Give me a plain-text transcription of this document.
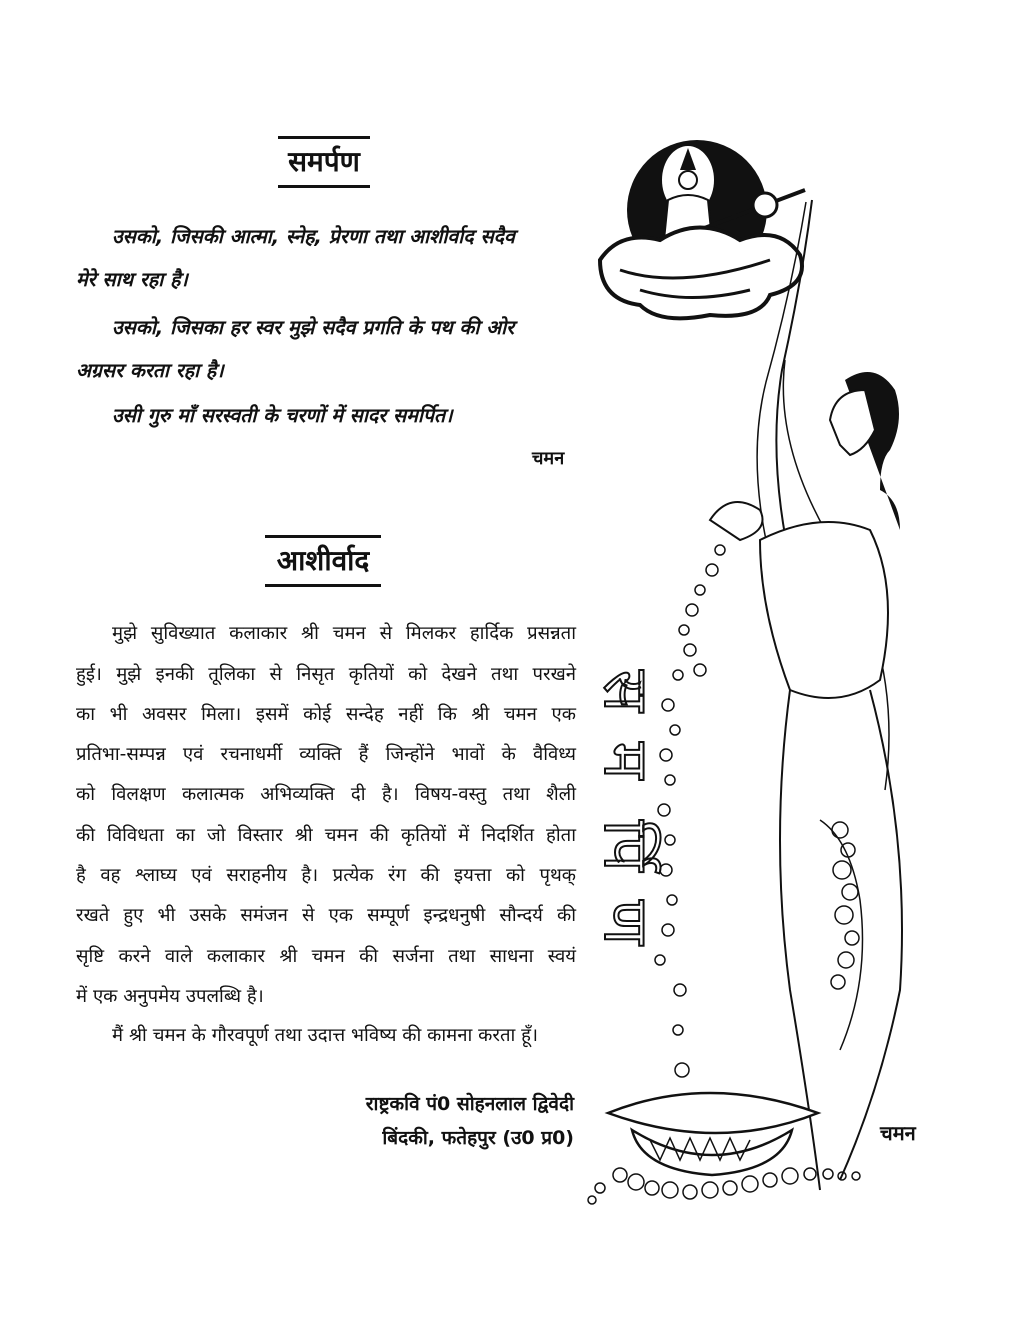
समर्पण
उसको, जिसकी आत्मा, स्नेह, प्रेरणा तथा आशीर्वाद सदैव
मेरे साथ रहा है।
उसको, जिसका हर स्वर मुझे सदैव प्रगति के पथ की ओर
अग्रसर करता रहा है।
उसी गुरु माँ सरस्वती के चरणों में सादर समर्पित।
चमन
आशीर्वाद
मुझे सुविख्यात कलाकार श्री चमन से मिलकर हार्दिक प्रसन्नता
हुई। मुझे इनकी तूलिका से निसृत कृतियों को देखने तथा परखने
का भी अवसर मिला। इसमें कोई सन्देह नहीं कि श्री चमन एक
प्रतिभा-सम्पन्न एवं रचनाधर्मी व्यक्ति हैं जिन्होंने भावों के वैविध्य
को विलक्षण कलात्मक अभिव्यक्ति दी है। विषय-वस्तु तथा शैली
की विविधता का जो विस्तार श्री चमन की कृतियों में निदर्शित होता
है वह श्लाघ्य एवं सराहनीय है। प्रत्येक रंग की इयत्ता को पृथक्
रखते हुए भी उसके समंजन से एक सम्पूर्ण इन्द्रधनुषी सौन्दर्य की
सृष्टि करने वाले कलाकार श्री चमन की सर्जना तथा साधना स्वयं
में एक अनुपमेय उपलब्धि है।
मैं श्री चमन के गौरवपूर्ण तथा उदात्त भविष्य की कामना करता हूँ।
राष्ट्रकवि पं0 सोहनलाल द्विवेदी
बिंदकी, फतेहपुर (उ0 प्र0)
स
म
र्पि
ण
चमन
